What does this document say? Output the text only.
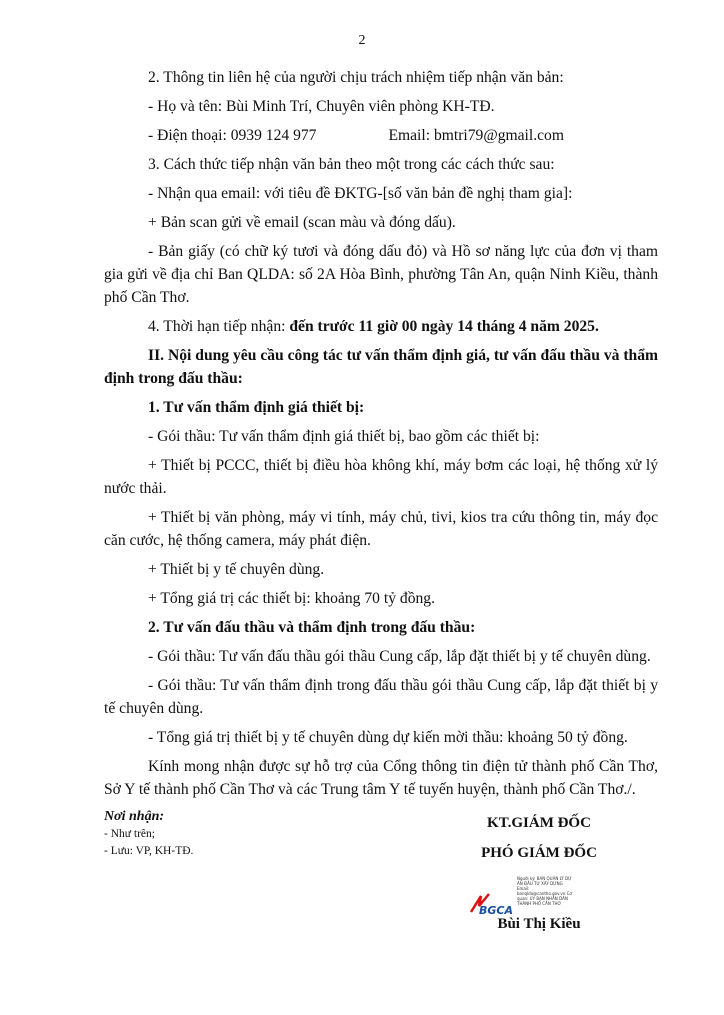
2

2. Thông tin liên hệ của người chịu trách nhiệm tiếp nhận văn bản:

- Họ và tên: Bùi Minh Trí, Chuyên viên phòng KH-TĐ.

- Điện thoại: 0939 124 977	Email: bmtri79@gmail.com

3. Cách thức tiếp nhận văn bản theo một trong các cách thức sau:

- Nhận qua email: với tiêu đề ĐKTG-[số văn bản đề nghị tham gia]:

+ Bản scan gửi về email (scan màu và đóng dấu).

- Bản giấy (có chữ ký tươi và đóng dấu đỏ) và Hồ sơ năng lực của đơn vị tham gia gửi về địa chỉ Ban QLDA: số 2A Hòa Bình, phường Tân An, quận Ninh Kiều, thành phố Cần Thơ.

4. Thời hạn tiếp nhận: đến trước 11 giờ 00 ngày 14 tháng 4 năm 2025.

II. Nội dung yêu cầu công tác tư vấn thẩm định giá, tư vấn đấu thầu và thẩm định trong đấu thầu:

1. Tư vấn thẩm định giá thiết bị:

- Gói thầu: Tư vấn thẩm định giá thiết bị, bao gồm các thiết bị:

+ Thiết bị PCCC, thiết bị điều hòa không khí, máy bơm các loại, hệ thống xử lý nước thải.

+ Thiết bị văn phòng, máy vi tính, máy chủ, tivi, kios tra cứu thông tin, máy đọc căn cước, hệ thống camera, máy phát điện.

+ Thiết bị y tế chuyên dùng.

+ Tổng giá trị các thiết bị: khoảng 70 tỷ đồng.

2. Tư vấn đấu thầu và thẩm định trong đấu thầu:

- Gói thầu: Tư vấn đấu thầu gói thầu Cung cấp, lắp đặt thiết bị y tế chuyên dùng.

- Gói thầu: Tư vấn thẩm định trong đấu thầu gói thầu Cung cấp, lắp đặt thiết bị y tế chuyên dùng.

- Tổng giá trị thiết bị y tế chuyên dùng dự kiến mời thầu: khoảng 50 tỷ đồng.

Kính mong nhận được sự hỗ trợ của Cổng thông tin điện tử thành phố Cần Thơ, Sở Y tế thành phố Cần Thơ và các Trung tâm Y tế tuyến huyện, thành phố Cần Thơ./.

Nơi nhận:
- Như trên;
- Lưu: VP, KH-TĐ.
KT.GIÁM ĐỐC
PHÓ GIÁM ĐỐC
BGCA
Người ký: BAN QUẢN LÝ DỰ ÁN ĐẦU TƯ XÂY DỰNG Email: banqlda@cantho.gov.vn Cơ quan: UY BAN NHÂN DÂN THÀNH PHỐ CẦN THƠ
Bùi Thị Kiều
